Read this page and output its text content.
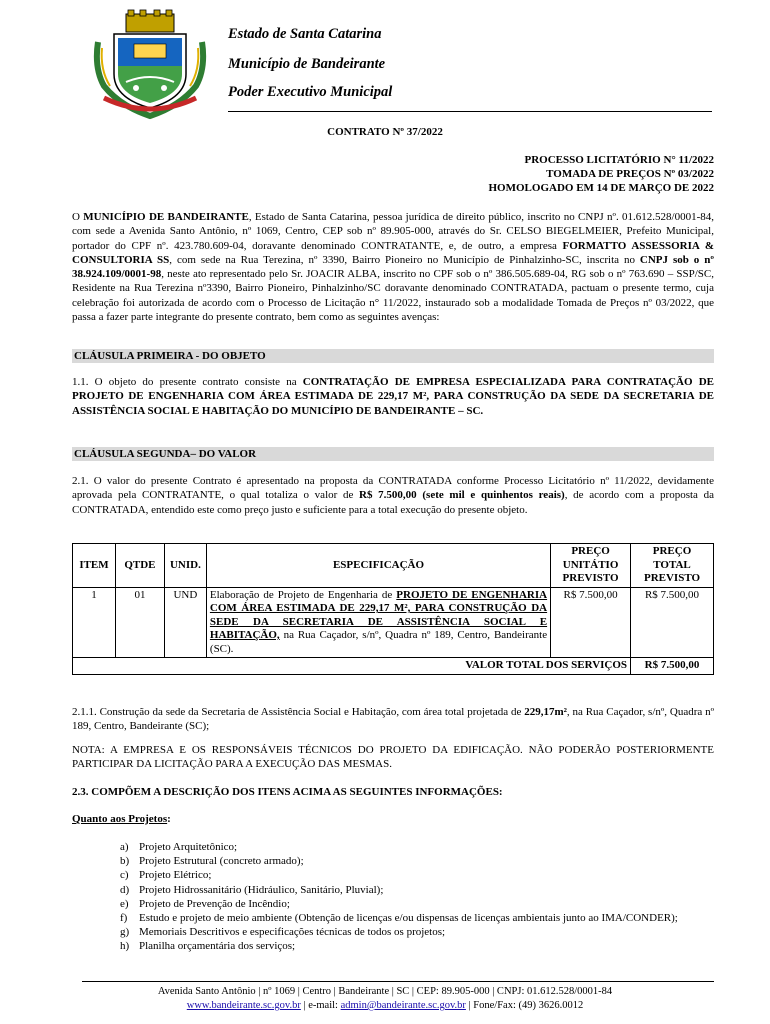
Estado de Santa Catarina
Município de Bandeirante
Poder Executivo Municipal
CONTRATO Nº 37/2022
PROCESSO LICITATÓRIO N° 11/2022
TOMADA DE PREÇOS Nº 03/2022
HOMOLOGADO EM 14 DE MARÇO DE 2022
O MUNICÍPIO DE BANDEIRANTE, Estado de Santa Catarina, pessoa jurídica de direito público, inscrito no CNPJ nº. 01.612.528/0001-84, com sede a Avenida Santo Antônio, nº 1069, Centro, CEP sob nº 89.905-000, através do Sr. CELSO BIEGELMEIER, Prefeito Municipal, portador do CPF nº. 423.780.609-04, doravante denominado CONTRATANTE, e, de outro, a empresa FORMATTO ASSESSORIA & CONSULTORIA SS, com sede na Rua Terezina, nº 3390, Bairro Pioneiro no Município de Pinhalzinho-SC, inscrita no CNPJ sob o nº 38.924.109/0001-98, neste ato representado pelo Sr. JOACIR ALBA, inscrito no CPF sob o nº 386.505.689-04, RG sob o nº 763.690 – SSP/SC, Residente na Rua Terezina nº3390, Bairro Pioneiro, Pinhalzinho/SC doravante denominado CONTRATADA, pactuam o presente termo, cuja celebração foi autorizada de acordo com o Processo de Licitação n° 11/2022, instaurado sob a modalidade Tomada de Preços nº 03/2022, que passa a fazer parte integrante do presente contrato, bem como as seguintes avenças:
CLÁUSULA PRIMEIRA - DO OBJETO
1.1. O objeto do presente contrato consiste na CONTRATAÇÃO DE EMPRESA ESPECIALIZADA PARA CONTRATAÇÃO DE PROJETO DE ENGENHARIA COM ÁREA ESTIMADA DE 229,17 M², PARA CONSTRUÇÃO DA SEDE DA SECRETARIA DE ASSISTÊNCIA SOCIAL E HABITAÇÃO DO MUNICÍPIO DE BANDEIRANTE – SC.
CLÁUSULA SEGUNDA– DO VALOR
2.1. O valor do presente Contrato é apresentado na proposta da CONTRATADA conforme Processo Licitatório nº 11/2022, devidamente aprovada pela CONTRATANTE, o qual totaliza o valor de R$ 7.500,00 (sete mil e quinhentos reais), de acordo com a proposta da CONTRATADA, entendido este como preço justo e suficiente para a total execução do presente objeto.
ITEM	QTDE	UNID.	ESPECIFICAÇÃO	PREÇO UNITÁTIO PREVISTO	PREÇO TOTAL PREVISTO
1	01	UND	Elaboração de Projeto de Engenharia de PROJETO DE ENGENHARIA COM ÁREA ESTIMADA DE 229,17 M², PARA CONSTRUÇÃO DA SEDE DA SECRETARIA DE ASSISTÊNCIA SOCIAL E HABITAÇÃO, na Rua Caçador, s/nº, Quadra nº 189, Centro, Bandeirante (SC).	R$ 7.500,00	R$ 7.500,00
VALOR TOTAL DOS SERVIÇOS					R$ 7.500,00
2.1.1. Construção da sede da Secretaria de Assistência Social e Habitação, com área total projetada de 229,17m², na Rua Caçador, s/nº, Quadra nº 189, Centro, Bandeirante (SC);
NOTA: A EMPRESA E OS RESPONSÁVEIS TÉCNICOS DO PROJETO DA EDIFICAÇÃO. NÃO PODERÃO POSTERIORMENTE PARTICIPAR DA LICITAÇÃO PARA A EXECUÇÃO DAS MESMAS.
2.3. COMPÕEM A DESCRIÇÃO DOS ITENS ACIMA AS SEGUINTES INFORMAÇÕES:
Quanto aos Projetos:
a) Projeto Arquitetônico;
b) Projeto Estrutural (concreto armado);
c) Projeto Elétrico;
d) Projeto Hidrossanitário (Hidráulico, Sanitário, Pluvial);
e) Projeto de Prevenção de Incêndio;
f) Estudo e projeto de meio ambiente (Obtenção de licenças e/ou dispensas de licenças ambientais junto ao IMA/CONDER);
g) Memoriais Descritivos e especificações técnicas de todos os projetos;
h) Planilha orçamentária dos serviços;
Avenida Santo Antônio | nº 1069 | Centro | Bandeirante | SC | CEP: 89.905-000 | CNPJ: 01.612.528/0001-84
www.bandeirante.sc.gov.br | e-mail: admin@bandeirante.sc.gov.br | Fone/Fax: (49) 3626.0012
